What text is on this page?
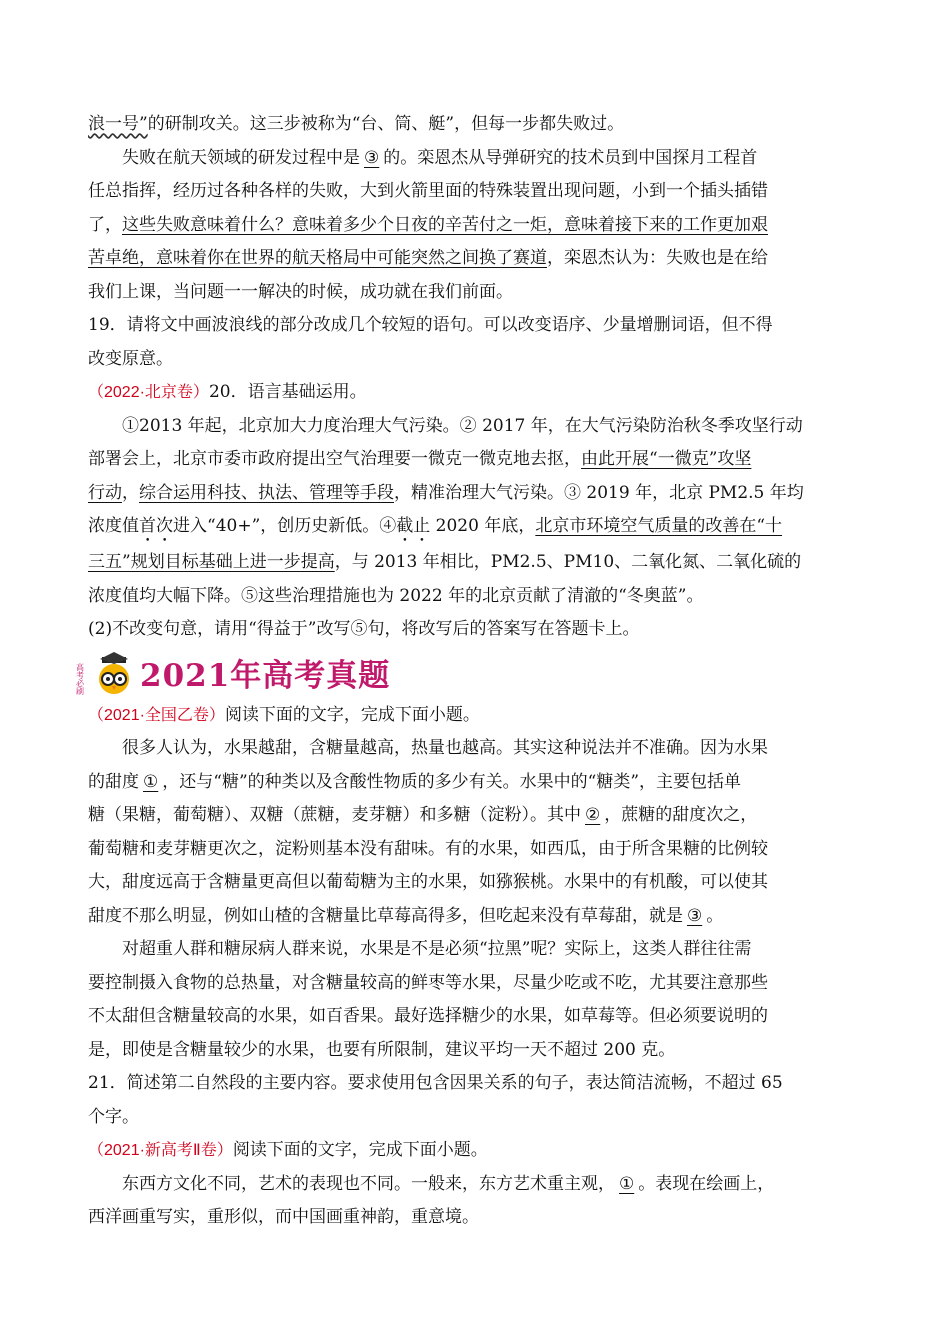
浪一号”的研制攻关。这三步被称为“台、筒、艇”，但每一步都失败过。
失败在航天领域的研发过程中是 ③ 的。栾恩杰从导弹研究的技术员到中国探月工程首
任总指挥，经历过各种各样的失败，大到火箭里面的特殊装置出现问题，小到一个插头插错
了，这些失败意味着什么？意味着多少个日夜的辛苦付之一炬，意味着接下来的工作更加艰
苦卓绝，意味着你在世界的航天格局中可能突然之间换了赛道，栾恩杰认为：失败也是在给
我们上课，当问题一一解决的时候，成功就在我们前面。
19．请将文中画波浪线的部分改成几个较短的语句。可以改变语序、少量增删词语，但不得
改变原意。
（2022·北京卷）20．语言基础运用。
①2013 年起，北京加大力度治理大气污染。② 2017 年，在大气污染防治秋冬季攻坚行动
部署会上，北京市委市政府提出空气治理要一微克一微克地去抠，由此开展“一微克”攻坚
行动，综合运用科技、执法、管理等手段，精准治理大气污染。③ 2019 年，北京 PM2.5 年均
浓度值首次进入“40+”，创历史新低。④截止 2020 年底，北京市环境空气质量的改善在“十
三五”规划目标基础上进一步提高，与 2013 年相比，PM2.5、PM10、二氧化氮、二氧化硫的
浓度值均大幅下降。⑤这些治理措施也为 2022 年的北京贡献了清澈的“冬奥蓝”。
(2)不改变句意，请用“得益于”改写⑤句，将改写后的答案写在答题卡上。
高考必刷 2021年高考真题
（2021·全国乙卷）阅读下面的文字，完成下面小题。
很多人认为，水果越甜，含糖量越高，热量也越高。其实这种说法并不准确。因为水果
的甜度 ① ，还与“糖”的种类以及含酸性物质的多少有关。水果中的“糖类”，主要包括单
糖（果糖，葡萄糖）、双糖（蔗糖，麦芽糖）和多糖（淀粉）。其中 ② ，蔗糖的甜度次之，
葡萄糖和麦芽糖更次之，淀粉则基本没有甜味。有的水果，如西瓜，由于所含果糖的比例较
大，甜度远高于含糖量更高但以葡萄糖为主的水果，如猕猴桃。水果中的有机酸，可以使其
甜度不那么明显，例如山楂的含糖量比草莓高得多，但吃起来没有草莓甜，就是 ③ 。
对超重人群和糖尿病人群来说，水果是不是必须“拉黑”呢？实际上，这类人群往往需
要控制摄入食物的总热量，对含糖量较高的鲜枣等水果，尽量少吃或不吃，尤其要注意那些
不太甜但含糖量较高的水果，如百香果。最好选择糖少的水果，如草莓等。但必须要说明的
是，即使是含糖量较少的水果，也要有所限制，建议平均一天不超过 200 克。
21．简述第二自然段的主要内容。要求使用包含因果关系的句子，表达简洁流畅，不超过 65
个字。
（2021·新高考Ⅱ卷）阅读下面的文字，完成下面小题。
东西方文化不同，艺术的表现也不同。一般来，东方艺术重主观， ① 。表现在绘画上，
西洋画重写实，重形似，而中国画重神韵，重意境。
